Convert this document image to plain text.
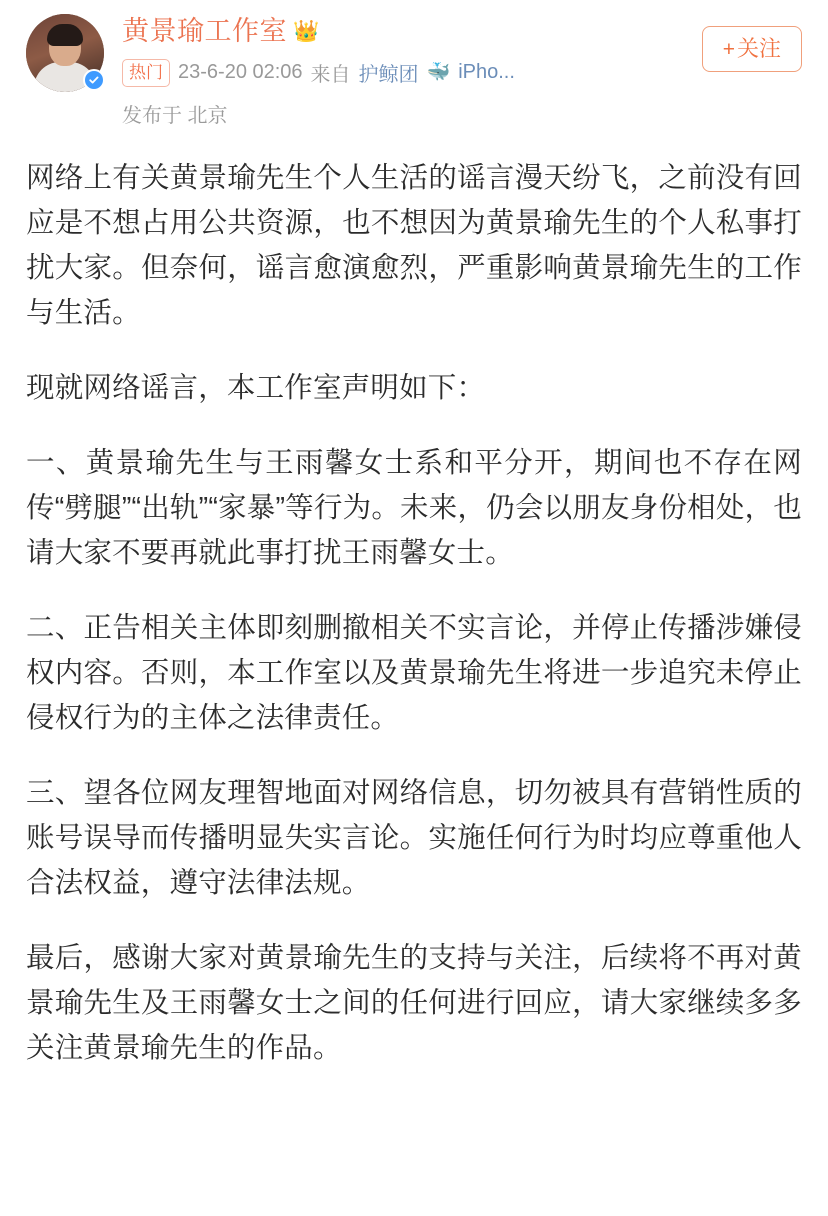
黄景瑜工作室 👑
热门 23-6-20 02:06 来自 护鲸团 🐳 iPho...
发布于 北京
+ 关注

网络上有关黄景瑜先生个人生活的谣言漫天纷飞，之前没有回应是不想占用公共资源，也不想因为黄景瑜先生的个人私事打扰大家。但奈何，谣言愈演愈烈，严重影响黄景瑜先生的工作与生活。

现就网络谣言，本工作室声明如下：

一、黄景瑜先生与王雨馨女士系和平分开，期间也不存在网传“劈腿”“出轨”“家暴”等行为。未来，仍会以朋友身份相处，也请大家不要再就此事打扰王雨馨女士。

二、正告相关主体即刻删撤相关不实言论，并停止传播涉嫌侵权内容。否则，本工作室以及黄景瑜先生将进一步追究未停止侵权行为的主体之法律责任。

三、望各位网友理智地面对网络信息，切勿被具有营销性质的账号误导而传播明显失实言论。实施任何行为时均应尊重他人合法权益，遵守法律法规。

最后，感谢大家对黄景瑜先生的支持与关注，后续将不再对黄景瑜先生及王雨馨女士之间的任何进行回应，请大家继续多多关注黄景瑜先生的作品。
